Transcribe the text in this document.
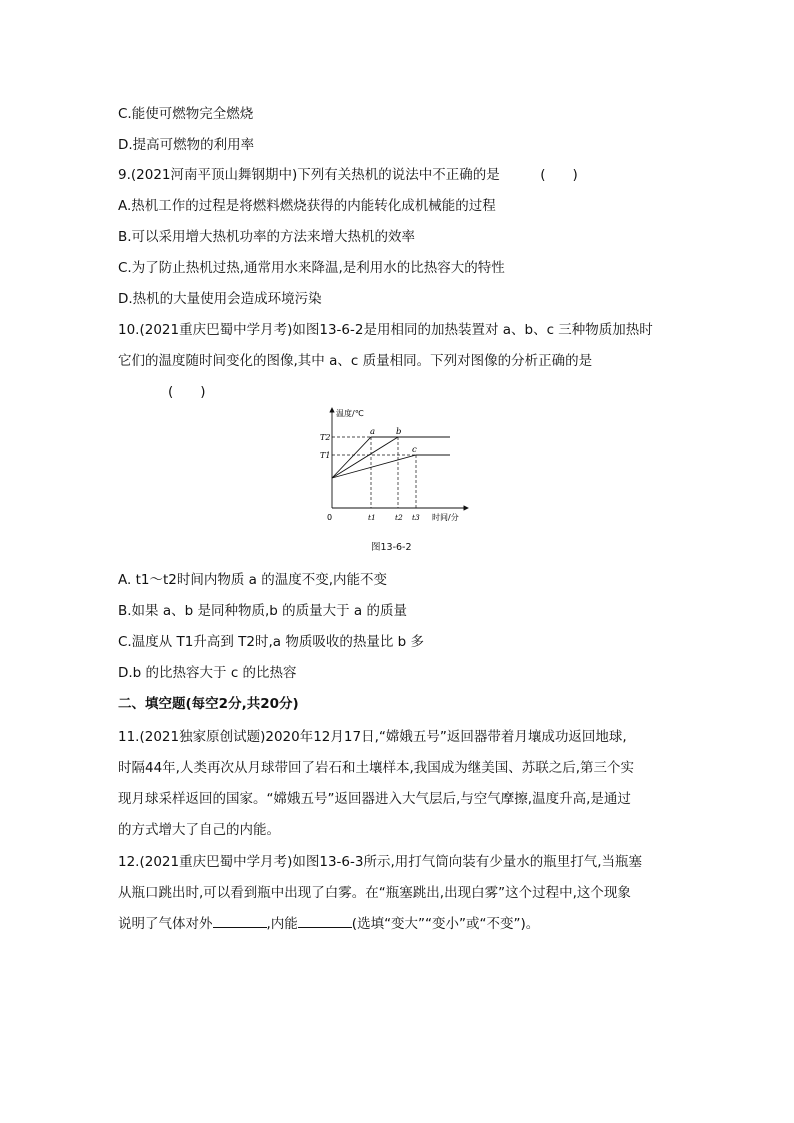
C.能使可燃物完全燃烧
D.提高可燃物的利用率
9.(2021河南平顶山舞钢期中)下列有关热机的说法中不正确的是　　　(　　)
A.热机工作的过程是将燃料燃烧获得的内能转化成机械能的过程
B.可以采用增大热机功率的方法来增大热机的效率
C.为了防止热机过热,通常用水来降温,是利用水的比热容大的特性
D.热机的大量使用会造成环境污染
10.(2021重庆巴蜀中学月考)如图13-6-2是用相同的加热装置对 a、b、c 三种物质加热时
它们的温度随时间变化的图像,其中 a、c 质量相同。下列对图像的分析正确的是
(　　)
温度/℃
时间/分
0
T2
T1
t1	t2 t3
a b
c
图13-6-2
A. t1～t2时间内物质 a 的温度不变,内能不变
B.如果 a、b 是同种物质,b 的质量大于 a 的质量
C.温度从 T1升高到 T2时,a 物质吸收的热量比 b 多
D.b 的比热容大于 c 的比热容
二、填空题(每空2分,共20分)
11.(2021独家原创试题)2020年12月17日,“嫦娥五号”返回器带着月壤成功返回地球,
时隔44年,人类再次从月球带回了岩石和土壤样本,我国成为继美国、苏联之后,第三个实
现月球采样返回的国家。“嫦娥五号”返回器进入大气层后,与空气摩擦,温度升高,是通过
的方式增大了自己的内能。
12.(2021重庆巴蜀中学月考)如图13-6-3所示,用打气筒向装有少量水的瓶里打气,当瓶塞
从瓶口跳出时,可以看到瓶中出现了白雾。在“瓶塞跳出,出现白雾”这个过程中,这个现象
说明了气体对外	,内能	(选填“变大”“变小”或“不变”)。
